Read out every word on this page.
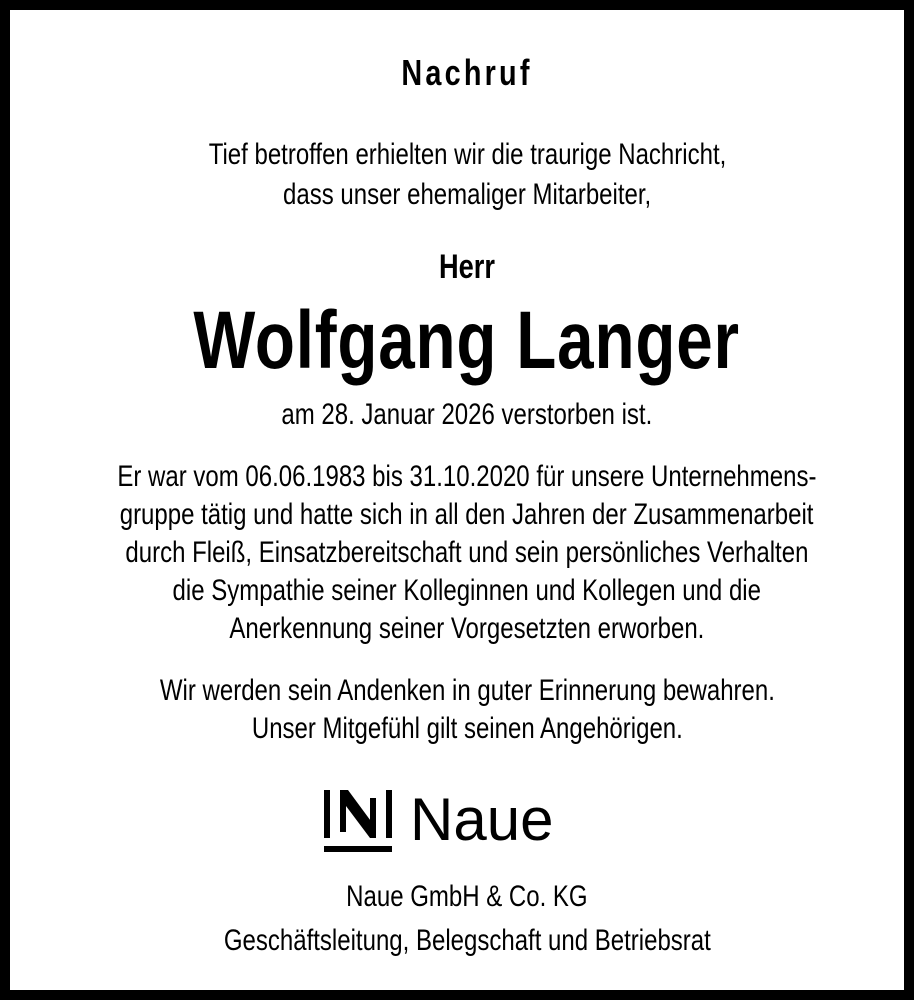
Nachruf
Tief betroffen erhielten wir die traurige Nachricht,
dass unser ehemaliger Mitarbeiter,
Herr
Wolfgang Langer
am 28. Januar 2026 verstorben ist.
Er war vom 06.06.1983 bis 31.10.2020 für unsere Unternehmens-
gruppe tätig und hatte sich in all den Jahren der Zusammenarbeit
durch Fleiß, Einsatzbereitschaft und sein persönliches Verhalten
die Sympathie seiner Kolleginnen und Kollegen und die
Anerkennung seiner Vorgesetzten erworben.
Wir werden sein Andenken in guter Erinnerung bewahren.
Unser Mitgefühl gilt seinen Angehörigen.
Naue
Naue GmbH & Co. KG
Geschäftsleitung, Belegschaft und Betriebsrat
